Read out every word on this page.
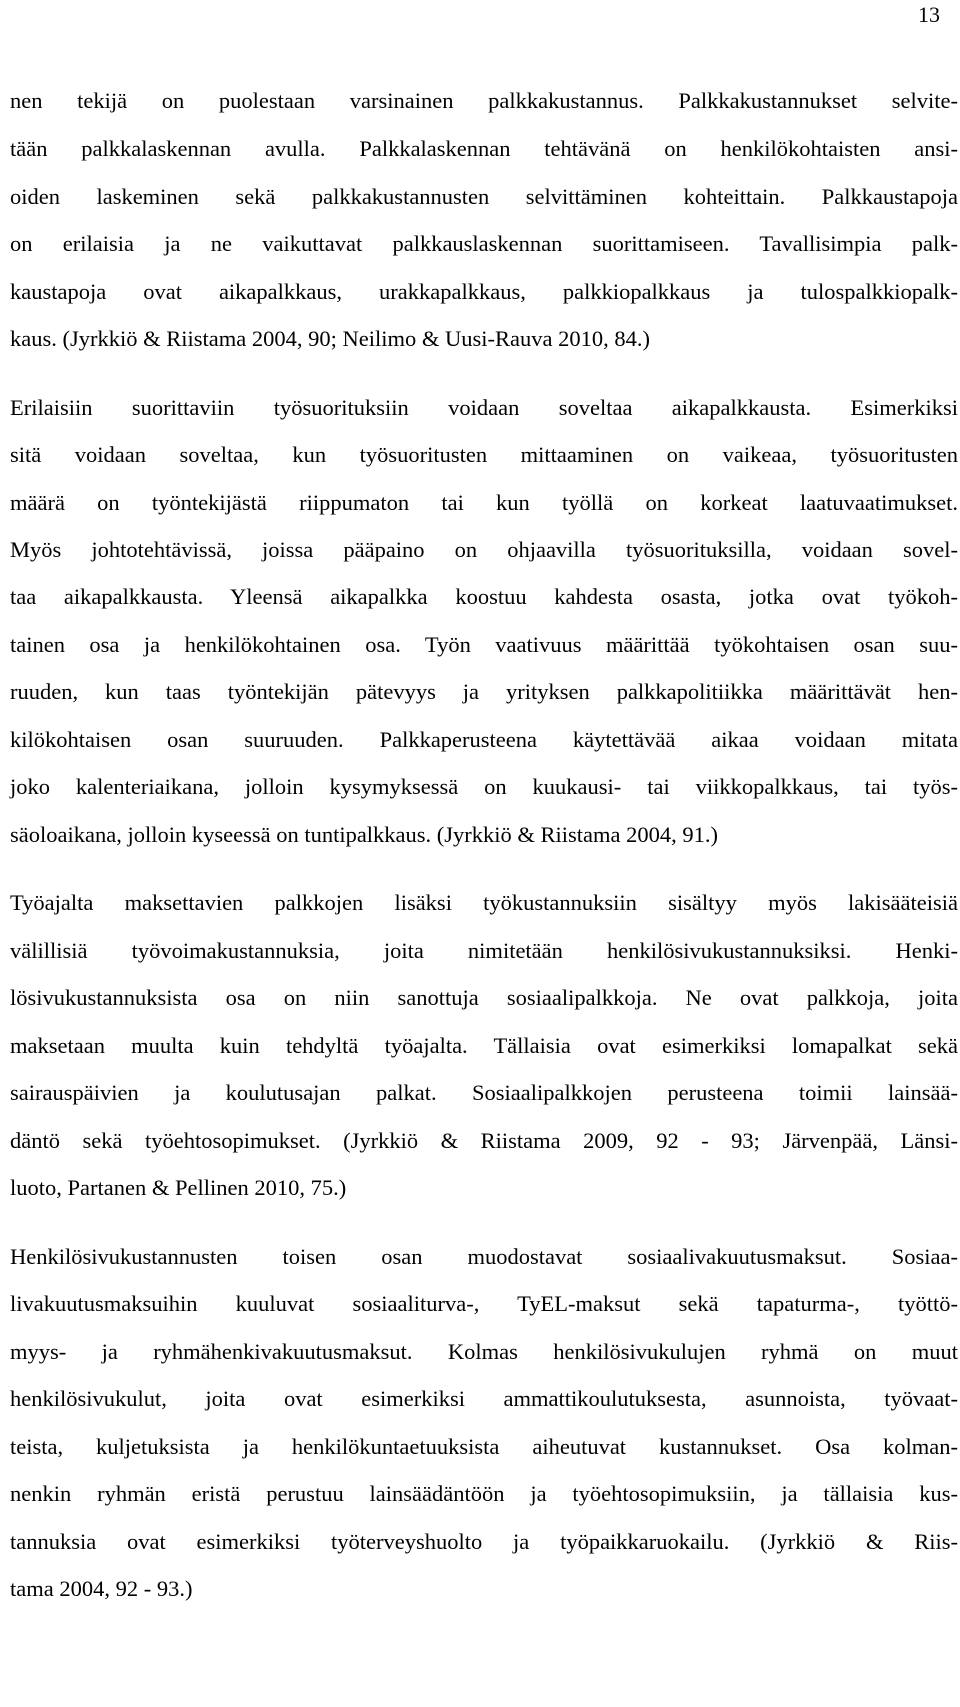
13
nen tekijä on puolestaan varsinainen palkkakustannus. Palkkakustannukset selvite-
tään palkkalaskennan avulla. Palkkalaskennan tehtävänä on henkilökohtaisten ansi-
oiden laskeminen sekä palkkakustannusten selvittäminen kohteittain. Palkkaustapoja
on erilaisia ja ne vaikuttavat palkkauslaskennan suorittamiseen. Tavallisimpia palk-
kaustapoja ovat aikapalkkaus, urakkapalkkaus, palkkiopalkkaus ja tulospalkkiopalk-
kaus. (Jyrkkiö & Riistama 2004, 90; Neilimo & Uusi-Rauva 2010, 84.)
Erilaisiin suorittaviin työsuorituksiin voidaan soveltaa aikapalkkausta. Esimerkiksi
sitä voidaan soveltaa, kun työsuoritusten mittaaminen on vaikeaa, työsuoritusten
määrä on työntekijästä riippumaton tai kun työllä on korkeat laatuvaatimukset.
Myös johtotehtävissä, joissa pääpaino on ohjaavilla työsuorituksilla, voidaan sovel-
taa aikapalkkausta. Yleensä aikapalkka koostuu kahdesta osasta, jotka ovat työkoh-
tainen osa ja henkilökohtainen osa. Työn vaativuus määrittää työkohtaisen osan suu-
ruuden, kun taas työntekijän pätevyys ja yrityksen palkkapolitiikka määrittävät hen-
kilökohtaisen osan suuruuden. Palkkaperusteena käytettävää aikaa voidaan mitata
joko kalenteriaikana, jolloin kysymyksessä on kuukausi- tai viikkopalkkaus, tai työs-
säoloaikana, jolloin kyseessä on tuntipalkkaus. (Jyrkkiö & Riistama 2004, 91.)
Työajalta maksettavien palkkojen lisäksi työkustannuksiin sisältyy myös lakisääteisiä
välillisiä työvoimakustannuksia, joita nimitetään henkilösivukustannuksiksi. Henki-
lösivukustannuksista osa on niin sanottuja sosiaalipalkkoja. Ne ovat palkkoja, joita
maksetaan muulta kuin tehdyltä työajalta. Tällaisia ovat esimerkiksi lomapalkat sekä
sairauspäivien ja koulutusajan palkat. Sosiaalipalkkojen perusteena toimii lainsää-
däntö sekä työehtosopimukset. (Jyrkkiö & Riistama 2009, 92 - 93; Järvenpää, Länsi-
luoto, Partanen & Pellinen 2010, 75.)
Henkilösivukustannusten toisen osan muodostavat sosiaalivakuutusmaksut. Sosiaa-
livakuutusmaksuihin kuuluvat sosiaaliturva-, TyEL-maksut sekä tapaturma-, työttö-
myys- ja ryhmähenkivakuutusmaksut. Kolmas henkilösivukulujen ryhmä on muut
henkilösivukulut, joita ovat esimerkiksi ammattikoulutuksesta, asunnoista, työvaat-
teista, kuljetuksista ja henkilökuntaetuuksista aiheutuvat kustannukset. Osa kolman-
nenkin ryhmän eristä perustuu lainsäädäntöön ja työehtosopimuksiin, ja tällaisia kus-
tannuksia ovat esimerkiksi työterveyshuolto ja työpaikkaruokailu. (Jyrkkiö & Riis-
tama 2004, 92 - 93.)
